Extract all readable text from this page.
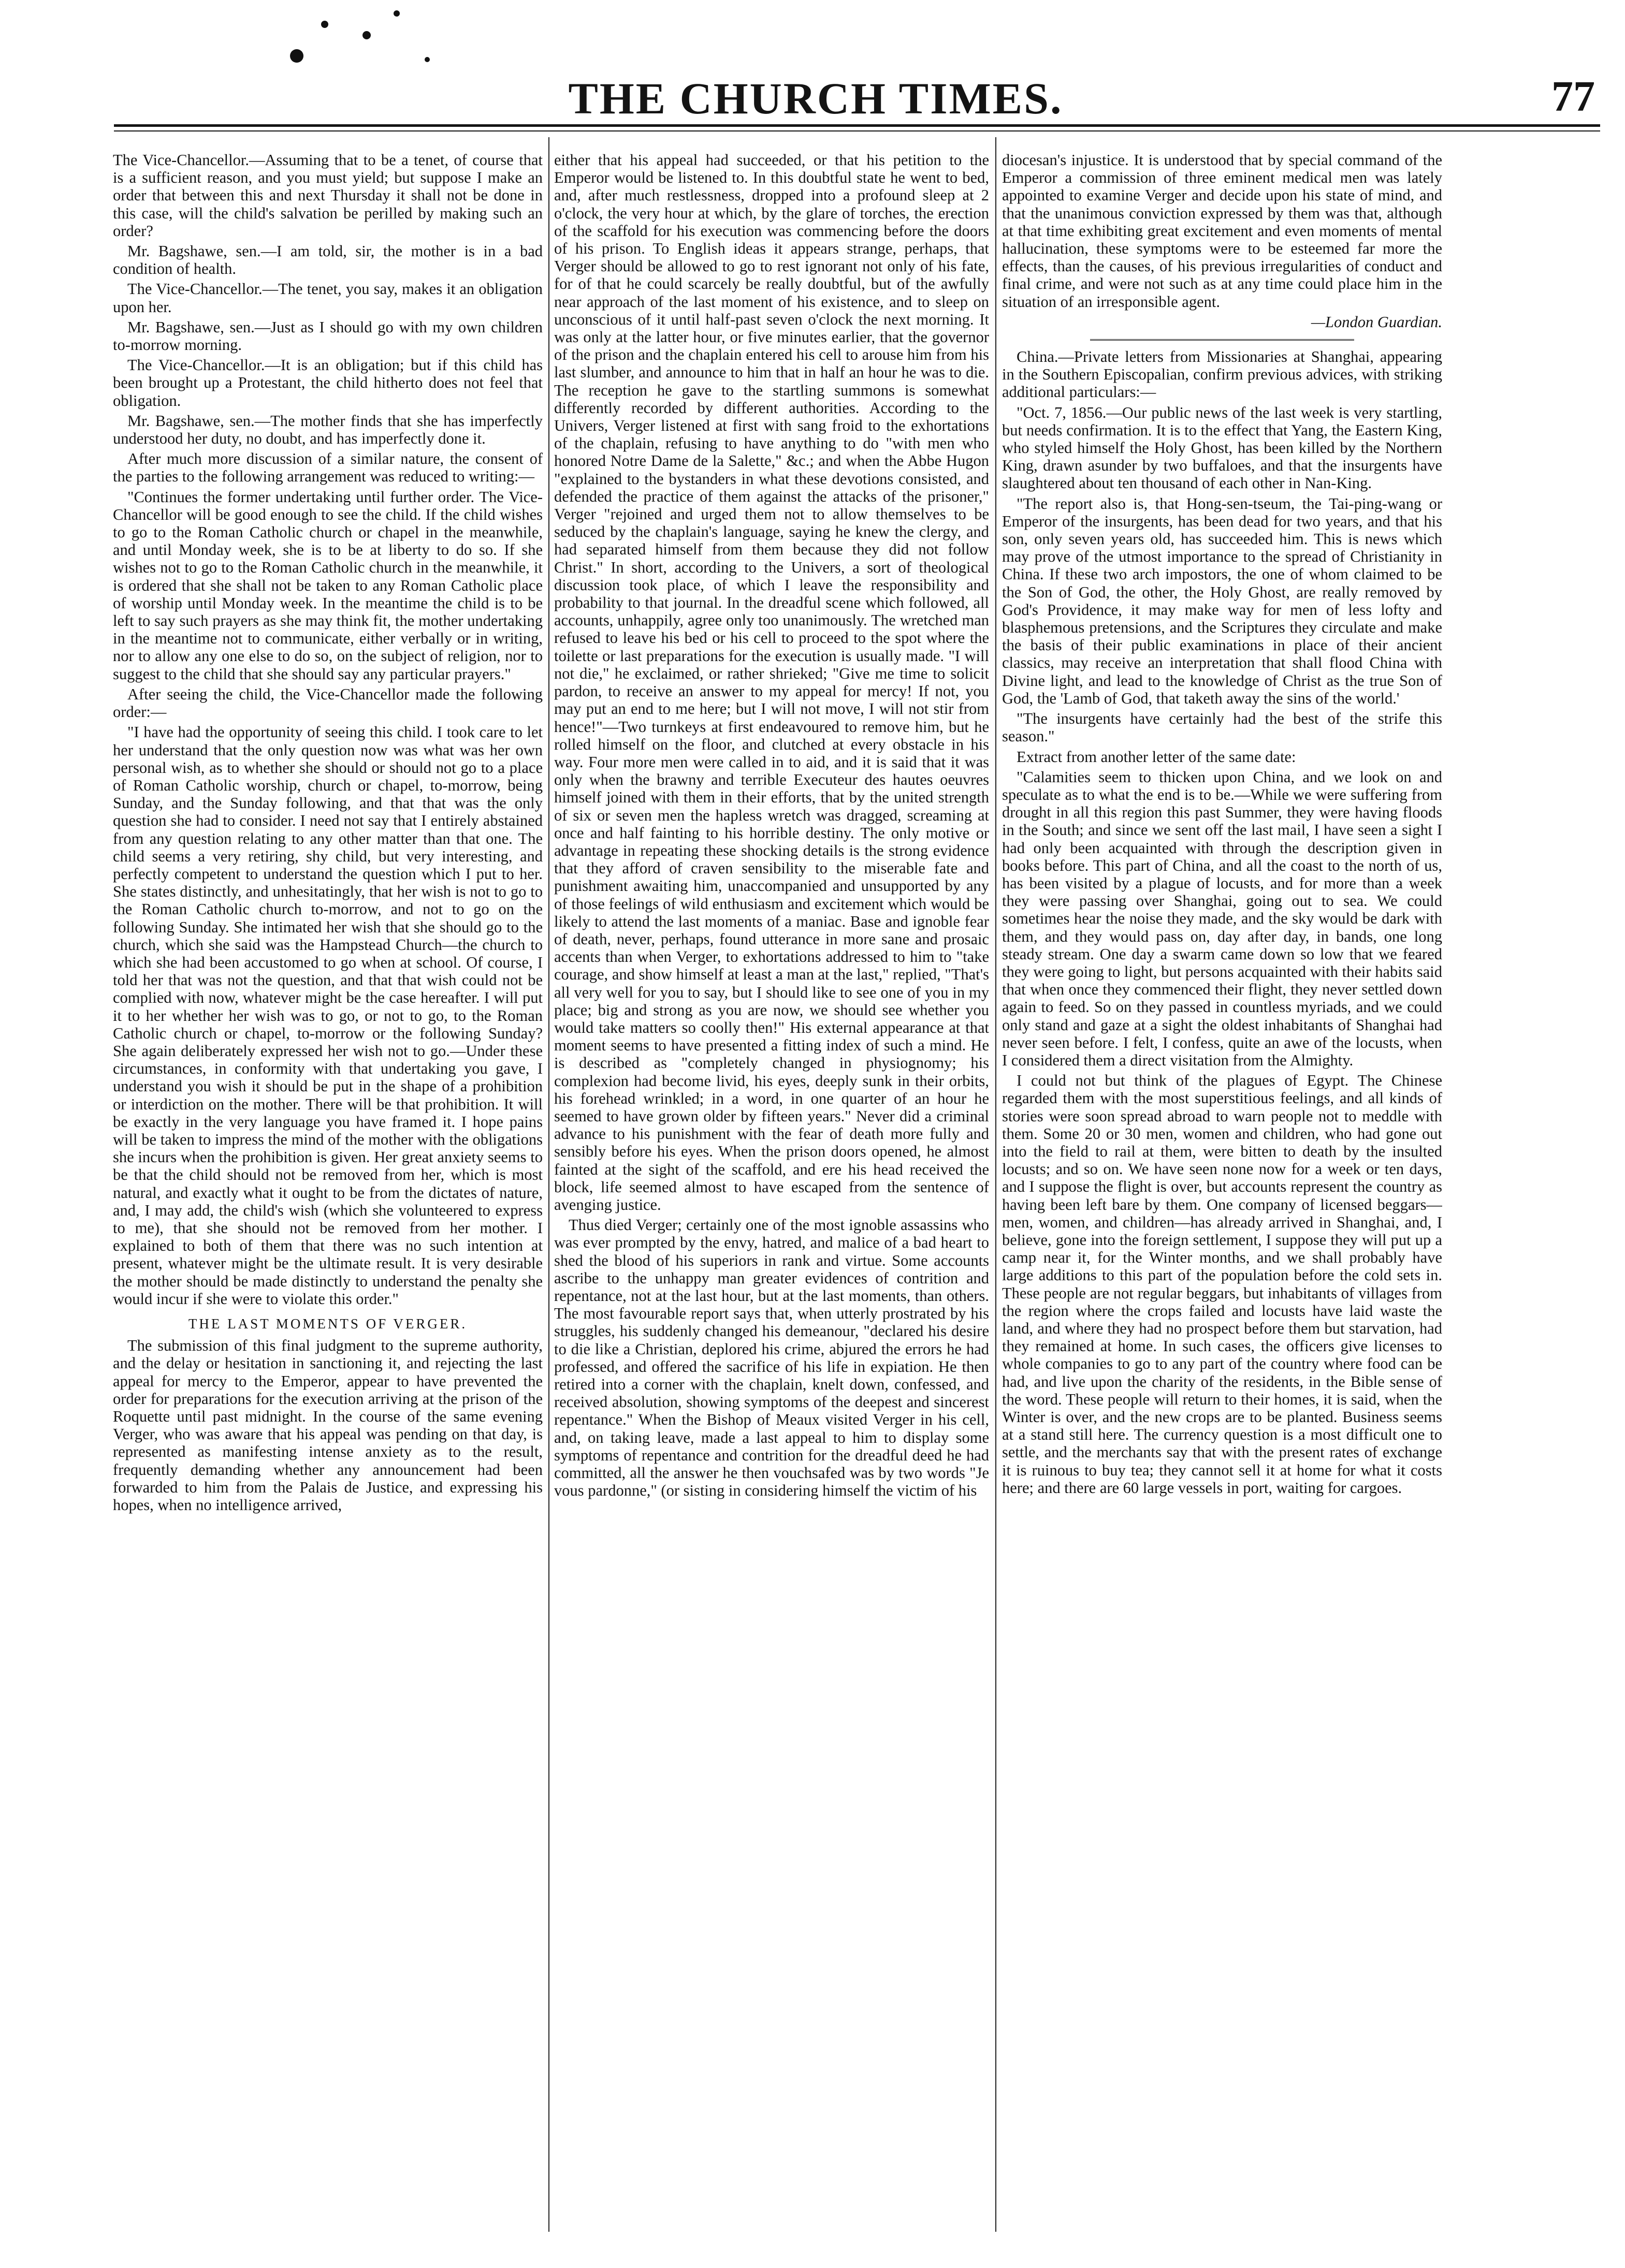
THE CHURCH TIMES.	77

The Vice-Chancellor.—Assuming that to be a tenet, of course that is a sufficient reason, and you must yield; but suppose I make an order that between this and next Thursday it shall not be done in this case, will the child's salvation be perilled by making such an order?

Mr. Bagshawe, sen.—I am told, sir, the mother is in a bad condition of health.

The Vice-Chancellor.—The tenet, you say, makes it an obligation upon her.

Mr. Bagshawe, sen.—Just as I should go with my own children to-morrow morning.

The Vice-Chancellor.—It is an obligation; but if this child has been brought up a Protestant, the child hitherto does not feel that obligation.

Mr. Bagshawe, sen.—The mother finds that she has imperfectly understood her duty, no doubt, and has imperfectly done it.

After much more discussion of a similar nature, the consent of the parties to the following arrangement was reduced to writing:—

"Continues the former undertaking until further order. The Vice-Chancellor will be good enough to see the child. If the child wishes to go to the Roman Catholic church or chapel in the meanwhile, and until Monday week, she is to be at liberty to do so. If she wishes not to go to the Roman Catholic church in the meanwhile, it is ordered that she shall not be taken to any Roman Catholic place of worship until Monday week. In the meantime the child is to be left to say such prayers as she may think fit, the mother undertaking in the meantime not to communicate, either verbally or in writing, nor to allow any one else to do so, on the subject of religion, nor to suggest to the child that she should say any particular prayers."

After seeing the child, the Vice-Chancellor made the following order:—

"I have had the opportunity of seeing this child. I took care to let her understand that the only question now was what was her own personal wish, as to whether she should or should not go to a place of Roman Catholic worship, church or chapel, to-morrow, being Sunday, and the Sunday following, and that that was the only question she had to consider. I need not say that I entirely abstained from any question relating to any other matter than that one. The child seems a very retiring, shy child, but very interesting, and perfectly competent to understand the question which I put to her. She states distinctly, and unhesitatingly, that her wish is not to go to the Roman Catholic church to-morrow, and not to go on the following Sunday. She intimated her wish that she should go to the church, which she said was the Hampstead Church—the church to which she had been accustomed to go when at school. Of course, I told her that was not the question, and that that wish could not be complied with now, whatever might be the case hereafter. I will put it to her whether her wish was to go, or not to go, to the Roman Catholic church or chapel, to-morrow or the following Sunday? She again deliberately expressed her wish not to go.—Under these circumstances, in conformity with that undertaking you gave, I understand you wish it should be put in the shape of a prohibition or interdiction on the mother. There will be that prohibition. It will be exactly in the very language you have framed it. I hope pains will be taken to impress the mind of the mother with the obligations she incurs when the prohibition is given. Her great anxiety seems to be that the child should not be removed from her, which is most natural, and exactly what it ought to be from the dictates of nature, and, I may add, the child's wish (which she volunteered to express to me), that she should not be removed from her mother. I explained to both of them that there was no such intention at present, whatever might be the ultimate result. It is very desirable the mother should be made distinctly to understand the penalty she would incur if she were to violate this order."

THE LAST MOMENTS OF VERGER.

The submission of this final judgment to the supreme authority, and the delay or hesitation in sanctioning it, and rejecting the last appeal for mercy to the Emperor, appear to have prevented the order for preparations for the execution arriving at the prison of the Roquette until past midnight. In the course of the same evening Verger, who was aware that his appeal was pending on that day, is represented as manifesting intense anxiety as to the result, frequently demanding whether any announcement had been forwarded to him from the Palais de Justice, and expressing his hopes, when no intelligence arrived,

either that his appeal had succeeded, or that his petition to the Emperor would be listened to. In this doubtful state he went to bed, and, after much restlessness, dropped into a profound sleep at 2 o'clock, the very hour at which, by the glare of torches, the erection of the scaffold for his execution was commencing before the doors of his prison. To English ideas it appears strange, perhaps, that Verger should be allowed to go to rest ignorant not only of his fate, for of that he could scarcely be really doubtful, but of the awfully near approach of the last moment of his existence, and to sleep on unconscious of it until half-past seven o'clock the next morning. It was only at the latter hour, or five minutes earlier, that the governor of the prison and the chaplain entered his cell to arouse him from his last slumber, and announce to him that in half an hour he was to die. The reception he gave to the startling summons is somewhat differently recorded by different authorities. According to the Univers, Verger listened at first with sang froid to the exhortations of the chaplain, refusing to have anything to do "with men who honored Notre Dame de la Salette," &c.; and when the Abbe Hugon "explained to the bystanders in what these devotions consisted, and defended the practice of them against the attacks of the prisoner," Verger "rejoined and urged them not to allow themselves to be seduced by the chaplain's language, saying he knew the clergy, and had separated himself from them because they did not follow Christ." In short, according to the Univers, a sort of theological discussion took place, of which I leave the responsibility and probability to that journal. In the dreadful scene which followed, all accounts, unhappily, agree only too unanimously. The wretched man refused to leave his bed or his cell to proceed to the spot where the toilette or last preparations for the execution is usually made. "I will not die," he exclaimed, or rather shrieked; "Give me time to solicit pardon, to receive an answer to my appeal for mercy! If not, you may put an end to me here; but I will not move, I will not stir from hence!"—Two turnkeys at first endeavoured to remove him, but he rolled himself on the floor, and clutched at every obstacle in his way. Four more men were called in to aid, and it is said that it was only when the brawny and terrible Executeur des hautes oeuvres himself joined with them in their efforts, that by the united strength of six or seven men the hapless wretch was dragged, screaming at once and half fainting to his horrible destiny. The only motive or advantage in repeating these shocking details is the strong evidence that they afford of craven sensibility to the miserable fate and punishment awaiting him, unaccompanied and unsupported by any of those feelings of wild enthusiasm and excitement which would be likely to attend the last moments of a maniac. Base and ignoble fear of death, never, perhaps, found utterance in more sane and prosaic accents than when Verger, to exhortations addressed to him to "take courage, and show himself at least a man at the last," replied, "That's all very well for you to say, but I should like to see one of you in my place; big and strong as you are now, we should see whether you would take matters so coolly then!" His external appearance at that moment seems to have presented a fitting index of such a mind. He is described as "completely changed in physiognomy; his complexion had become livid, his eyes, deeply sunk in their orbits, his forehead wrinkled; in a word, in one quarter of an hour he seemed to have grown older by fifteen years." Never did a criminal advance to his punishment with the fear of death more fully and sensibly before his eyes. When the prison doors opened, he almost fainted at the sight of the scaffold, and ere his head received the block, life seemed almost to have escaped from the sentence of avenging justice.

Thus died Verger; certainly one of the most ignoble assassins who was ever prompted by the envy, hatred, and malice of a bad heart to shed the blood of his superiors in rank and virtue. Some accounts ascribe to the unhappy man greater evidences of contrition and repentance, not at the last hour, but at the last moments, than others. The most favourable report says that, when utterly prostrated by his struggles, his suddenly changed his demeanour, "declared his desire to die like a Christian, deplored his crime, abjured the errors he had professed, and offered the sacrifice of his life in expiation. He then retired into a corner with the chaplain, knelt down, confessed, and received absolution, showing symptoms of the deepest and sincerest repentance." When the Bishop of Meaux visited Verger in his cell, and, on taking leave, made a last appeal to him to display some symptoms of repentance and contrition for the dreadful deed he had committed, all the answer he then vouchsafed was by two words "Je vous pardonne," (or sisting in considering himself the victim of his

diocesan's injustice. It is understood that by special command of the Emperor a commission of three eminent medical men was lately appointed to examine Verger and decide upon his state of mind, and that the unanimous conviction expressed by them was that, although at that time exhibiting great excitement and even moments of mental hallucination, these symptoms were to be esteemed far more the effects, than the causes, of his previous irregularities of conduct and final crime, and were not such as at any time could place him in the situation of an irresponsible agent.

—London Guardian.

China.—Private letters from Missionaries at Shanghai, appearing in the Southern Episcopalian, confirm previous advices, with striking additional particulars:—

"Oct. 7, 1856.—Our public news of the last week is very startling, but needs confirmation. It is to the effect that Yang, the Eastern King, who styled himself the Holy Ghost, has been killed by the Northern King, drawn asunder by two buffaloes, and that the insurgents have slaughtered about ten thousand of each other in Nan-King.

"The report also is, that Hong-sen-tseum, the Tai-ping-wang or Emperor of the insurgents, has been dead for two years, and that his son, only seven years old, has succeeded him. This is news which may prove of the utmost importance to the spread of Christianity in China. If these two arch impostors, the one of whom claimed to be the Son of God, the other, the Holy Ghost, are really removed by God's Providence, it may make way for men of less lofty and blasphemous pretensions, and the Scriptures they circulate and make the basis of their public examinations in place of their ancient classics, may receive an interpretation that shall flood China with Divine light, and lead to the knowledge of Christ as the true Son of God, the 'Lamb of God, that taketh away the sins of the world.'

"The insurgents have certainly had the best of the strife this season."

Extract from another letter of the same date:

"Calamities seem to thicken upon China, and we look on and speculate as to what the end is to be.—While we were suffering from drought in all this region this past Summer, they were having floods in the South; and since we sent off the last mail, I have seen a sight I had only been acquainted with through the description given in books before. This part of China, and all the coast to the north of us, has been visited by a plague of locusts, and for more than a week they were passing over Shanghai, going out to sea. We could sometimes hear the noise they made, and the sky would be dark with them, and they would pass on, day after day, in bands, one long steady stream. One day a swarm came down so low that we feared they were going to light, but persons acquainted with their habits said that when once they commenced their flight, they never settled down again to feed. So on they passed in countless myriads, and we could only stand and gaze at a sight the oldest inhabitants of Shanghai had never seen before. I felt, I confess, quite an awe of the locusts, when I considered them a direct visitation from the Almighty.

I could not but think of the plagues of Egypt. The Chinese regarded them with the most superstitious feelings, and all kinds of stories were soon spread abroad to warn people not to meddle with them. Some 20 or 30 men, women and children, who had gone out into the field to rail at them, were bitten to death by the insulted locusts; and so on. We have seen none now for a week or ten days, and I suppose the flight is over, but accounts represent the country as having been left bare by them. One company of licensed beggars—men, women, and children—has already arrived in Shanghai, and, I believe, gone into the foreign settlement, I suppose they will put up a camp near it, for the Winter months, and we shall probably have large additions to this part of the population before the cold sets in. These people are not regular beggars, but inhabitants of villages from the region where the crops failed and locusts have laid waste the land, and where they had no prospect before them but starvation, had they remained at home. In such cases, the officers give licenses to whole companies to go to any part of the country where food can be had, and live upon the charity of the residents, in the Bible sense of the word. These people will return to their homes, it is said, when the Winter is over, and the new crops are to be planted. Business seems at a stand still here. The currency question is a most difficult one to settle, and the merchants say that with the present rates of exchange it is ruinous to buy tea; they cannot sell it at home for what it costs here; and there are 60 large vessels in port, waiting for cargoes.
